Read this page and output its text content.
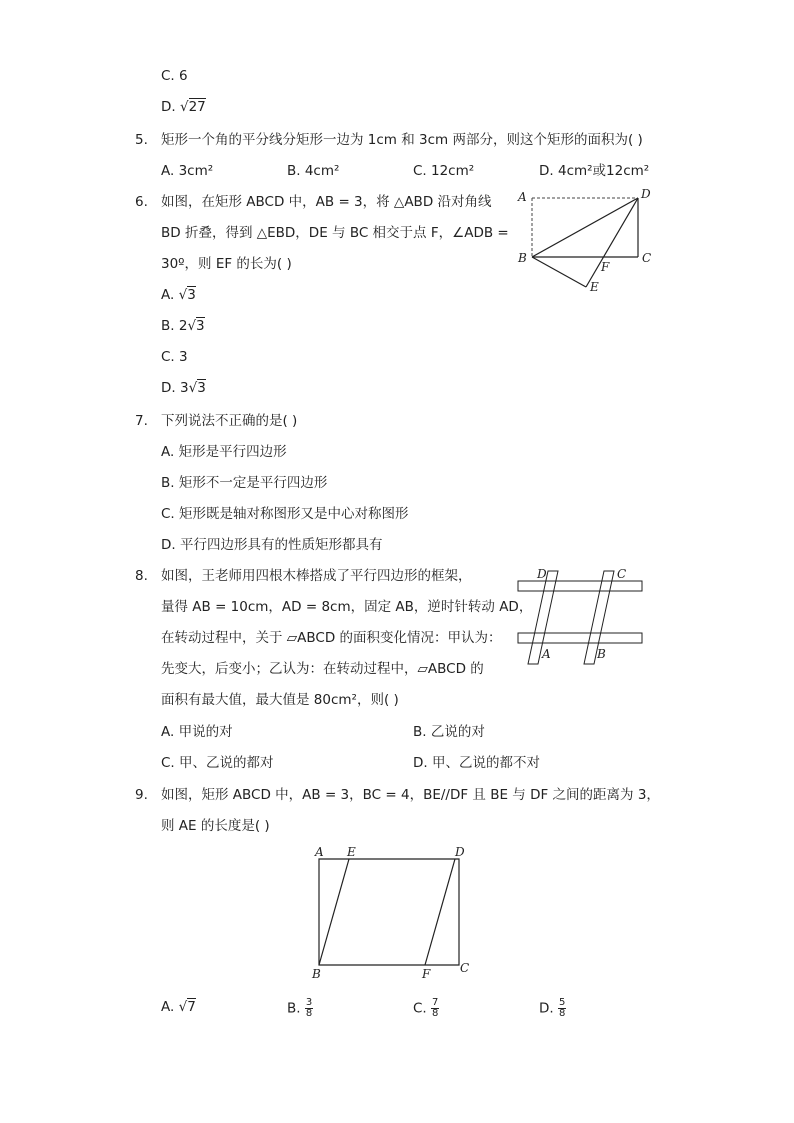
C. 6
D. √27
5. 矩形一个角的平分线分矩形一边为 1cm 和 3cm 两部分，则这个矩形的面积为( )
A. 3cm²	B. 4cm²	C. 12cm²	D. 4cm²或12cm²
6. 如图，在矩形 ABCD 中，AB = 3，将 △ABD 沿对角线
BD 折叠，得到 △EBD，DE 与 BC 相交于点 F，∠ADB =
30º，则 EF 的长为( )
A. √3
B. 2√3
C. 3
D. 3√3
A
B	C
D
E
F
7. 下列说法不正确的是( )
A. 矩形是平行四边形
B. 矩形不一定是平行四边形
C. 矩形既是轴对称图形又是中心对称图形
D. 平行四边形具有的性质矩形都具有
8. 如图，王老师用四根木棒搭成了平行四边形的框架，
量得 AB = 10cm，AD = 8cm，固定 AB，逆时针转动 AD，
在转动过程中，关于 ▱ABCD 的面积变化情况：甲认为：
先变大，后变小；乙认为：在转动过程中，▱ABCD 的
面积有最大值，最大值是 80cm²，则( )
A. 甲说的对	B. 乙说的对
C. 甲、乙说的都对	D. 甲、乙说的都不对
D	C
A	B
9. 如图，矩形 ABCD 中，AB = 3，BC = 4，BE//DF 且 BE 与 DF 之间的距离为 3，
则 AE 的长度是( )
A E	D
B	F C
A. √7	B. $\frac{3}{8}$	C. $\frac{7}{8}$	D. $\frac{5}{8}$
